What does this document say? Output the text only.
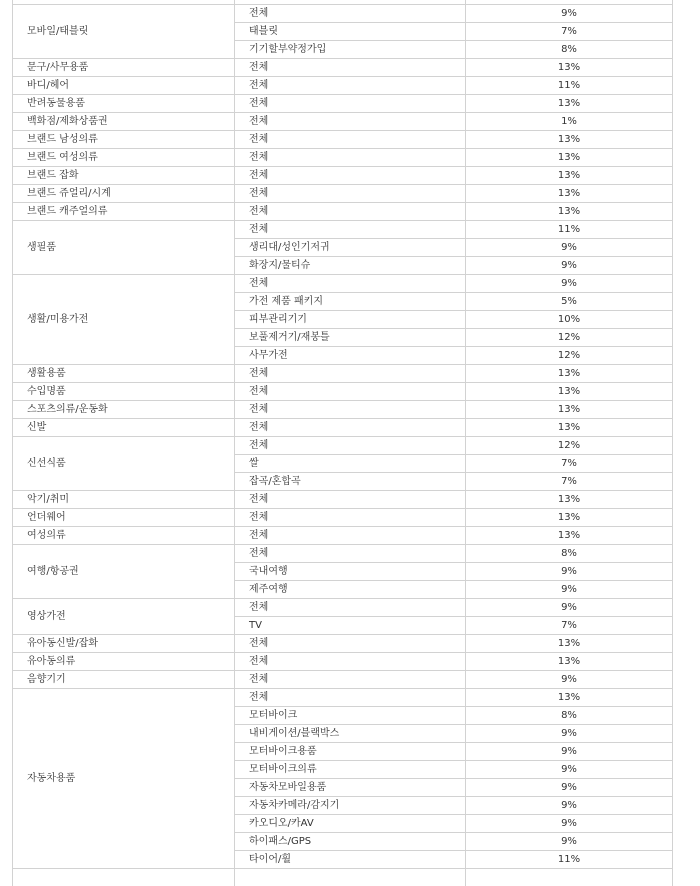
모바일/태블릿	전체	9%
	태블릿	7%
	기기할부약정가입	8%
문구/사무용품	전체	13%
바디/헤어	전체	11%
반려동물용품	전체	13%
백화점/제화상품권	전체	1%
브랜드 남성의류	전체	13%
브랜드 여성의류	전체	13%
브랜드 잡화	전체	13%
브랜드 쥬얼리/시계	전체	13%
브랜드 캐주얼의류	전체	13%
생필품	전체	11%
	생리대/성인기저귀	9%
	화장지/물티슈	9%
생활/미용가전	전체	9%
	가전 제품 패키지	5%
	피부관리기기	10%
	보풀제거기/재봉틀	12%
	사무가전	12%
생활용품	전체	13%
수입명품	전체	13%
스포츠의류/운동화	전체	13%
신발	전체	13%
신선식품	전체	12%
	쌀	7%
	잡곡/혼합곡	7%
악기/취미	전체	13%
언더웨어	전체	13%
여성의류	전체	13%
여행/항공권	전체	8%
	국내여행	9%
	제주여행	9%
영상가전	전체	9%
	TV	7%
유아동신발/잡화	전체	13%
유아동의류	전체	13%
음향기기	전체	9%
자동차용품	전체	13%
	모터바이크	8%
	내비게이션/블랙박스	9%
	모터바이크용품	9%
	모터바이크의류	9%
	자동차모바일용품	9%
	자동차카메라/감지기	9%
	카오디오/카AV	9%
	하이패스/GPS	9%
	타이어/휠	11%
